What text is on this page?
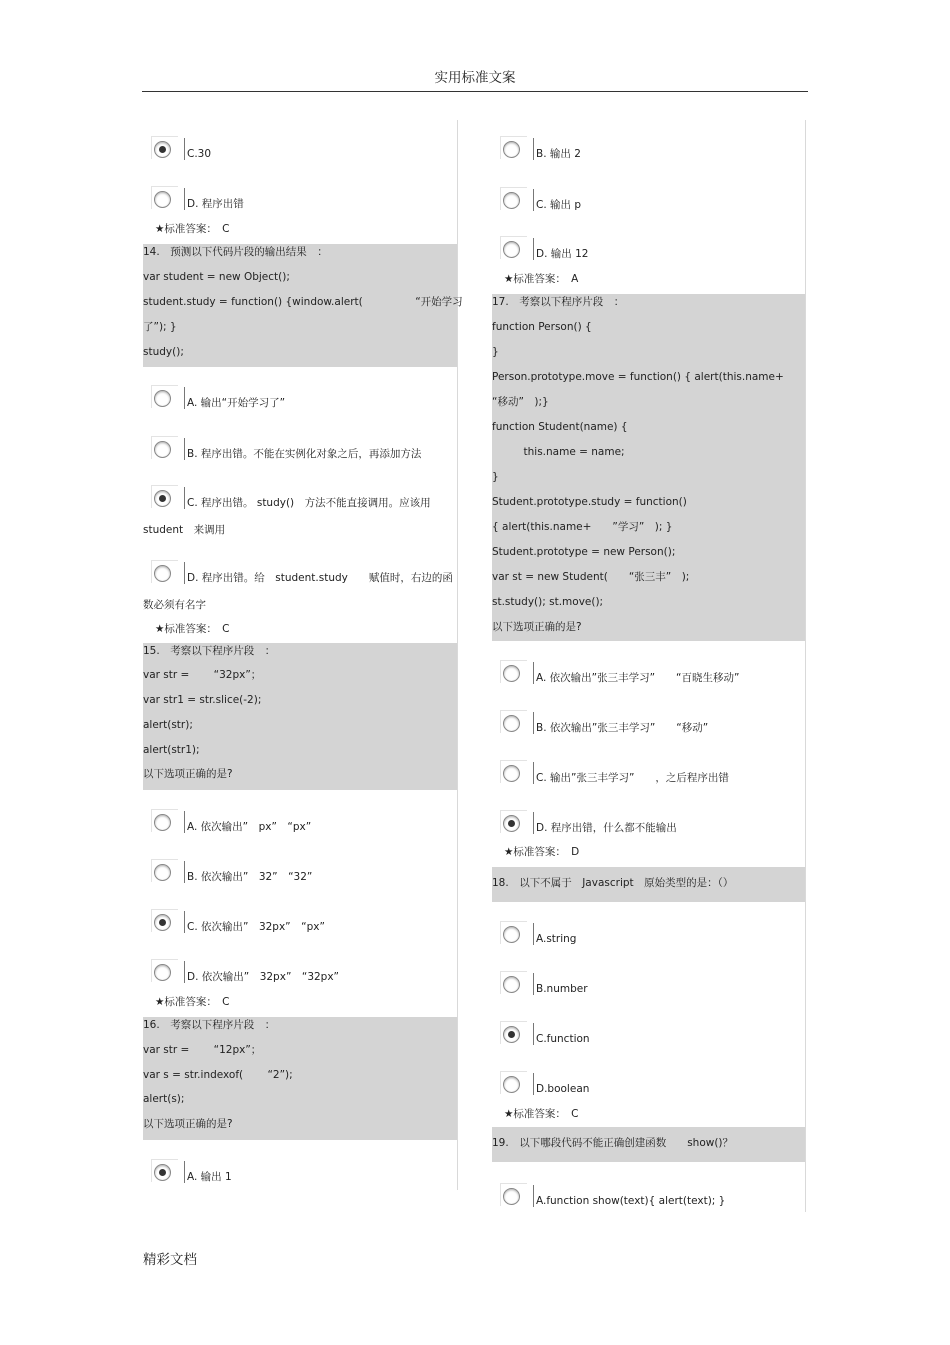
实用标准文案
C.30
D. 程序出错
★标准答案：　C
14.　预测以下代码片段的输出结果　：
var student = new Object();
student.study = function() {window.alert(　　　　　“开始学习
了”); }
study();
A. 输出“开始学习了”
B. 程序出错。不能在实例化对象之后，再添加方法
C. 程序出错。 study()　方法不能直接调用。应该用
student　来调用
D. 程序出错。给　student.study　　赋值时，右边的函
数必须有名字
★标准答案：　C
15.　考察以下程序片段　：
var str =　　 “32px”；
var str1 = str.slice(-2);
alert(str);
alert(str1);
以下选项正确的是?
A. 依次输出”　px”　“px”
B. 依次输出”　32”　“32”
C. 依次输出”　32px”　“px”
D. 依次输出”　32px”　“32px”
★标准答案：　C
16.　考察以下程序片段　：
var str =　　 “12px”；
var s = str.indexof(　　 “2”);
alert(s);
以下选项正确的是?
A. 输出 1
B. 输出 2
C. 输出 p
D. 输出 12
★标准答案：　A
17.　考察以下程序片段　：
function Person() {
}
Person.prototype.move = function() { alert(this.name+
“移动”　);}
function Student(name) {
　　　this.name = name;
}
Student.prototype.study = function()
{ alert(this.name+　　”学习”　); }
Student.prototype = new Person();
var st = new Student(　　“张三丰”　);
st.study(); st.move();
以下选项正确的是?
A. 依次输出”张三丰学习”　　“百晓生移动”
B. 依次输出”张三丰学习”　　“移动”
C. 输出”张三丰学习”　　，之后程序出错
D. 程序出错，什么都不能输出
★标准答案：　D
18.　以下不属于　Javascript　原始类型的是：（）
A.string
B.number
C.function
D.boolean
★标准答案：　C
19.　以下哪段代码不能正确创建函数　　show()？
A.function show(text){ alert(text); }
精彩文档
